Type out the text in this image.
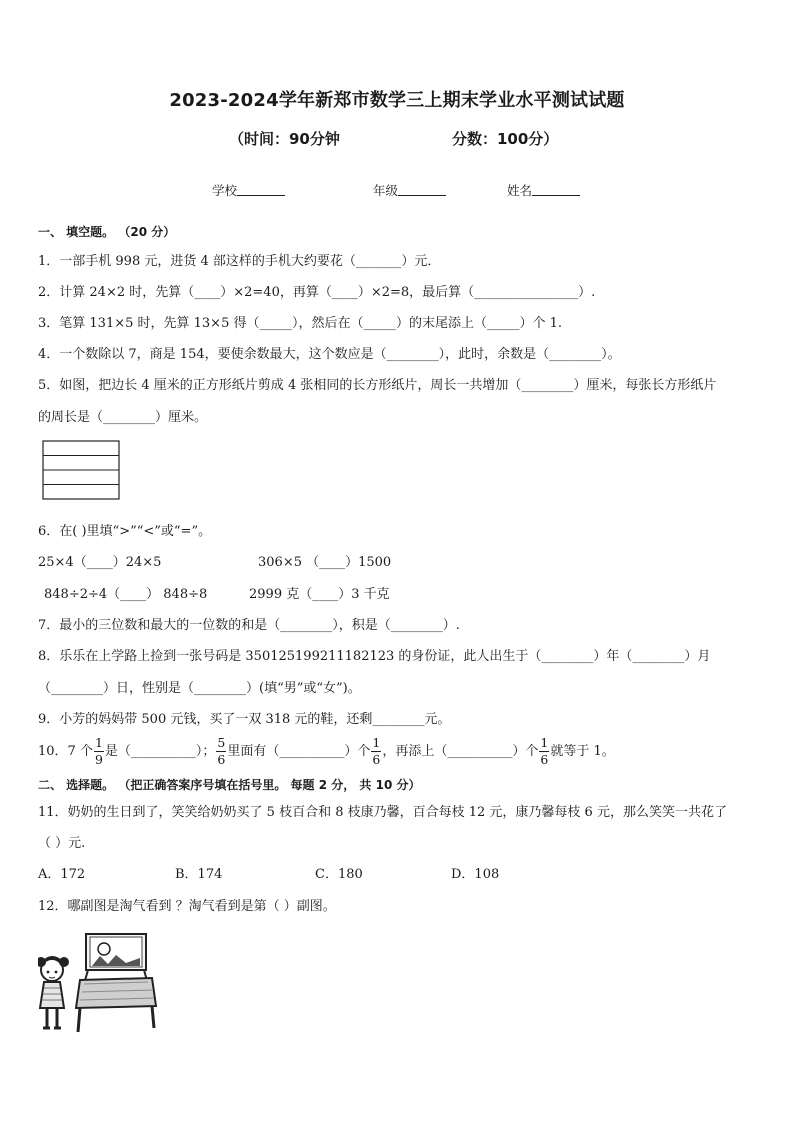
2023-2024学年新郑市数学三上期末学业水平测试试题
（时间：90分钟	分数：100分）
学校	年级	姓名
一、 填空题。 （20 分）
1．一部手机 998 元，进货 4 部这样的手机大约要花（_______）元．
2．计算 24×2 时，先算（____）×2=40，再算（____）×2=8，最后算（________________）.
3．笔算 131×5 时，先算 13×5 得（_____），然后在（_____）的末尾添上（_____）个 1.
4．一个数除以 7，商是 154，要使余数最大，这个数应是（________），此时，余数是（________）。
5．如图，把边长 4 厘米的正方形纸片剪成 4 张相同的长方形纸片，周长一共增加（________）厘米，每张长方形纸片
的周长是（________）厘米。
6．在( )里填“>”“<”或“=”。
25×4（____）24×5	306×5 （____）1500
848÷2÷4（____） 848÷8	2999 克（____）3 千克
7．最小的三位数和最大的一位数的和是（________），积是（________）.
8．乐乐在上学路上捡到一张号码是 350125199211182123 的身份证，此人出生于（________）年（________）月
（________）日，性别是（________）(填“男”或“女”)。
9．小芳的妈妈带 500 元钱，买了一双 318 元的鞋，还剩________元。
10．7 个 $\frac{1}{9}$ 是（__________）； $\frac{5}{6}$ 里面有（__________）个 $\frac{1}{6}$ ，再添上（__________）个 $\frac{1}{6}$ 就等于 1。
二、 选择题。 （把正确答案序号填在括号里。 每题 2 分， 共 10 分）
11．奶奶的生日到了，笑笑给奶奶买了 5 枝百合和 8 枝康乃馨，百合每枝 12 元，康乃馨每枝 6 元，那么笑笑一共花了
（ ）元.
A．172	B．174	C．180	D．108
12．哪副图是淘气看到 ？淘气看到是第（ ）副图。
